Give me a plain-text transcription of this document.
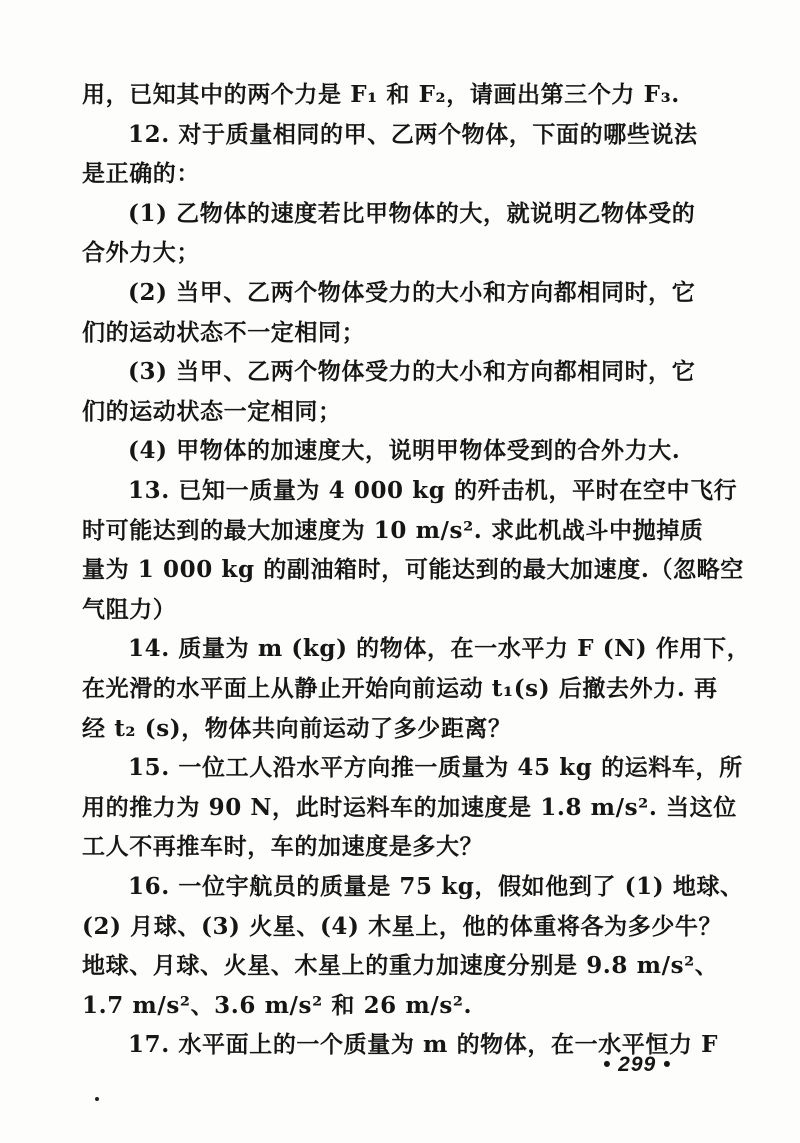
用，已知其中的两个力是 F₁ 和 F₂，请画出第三个力 F₃.
12. 对于质量相同的甲、乙两个物体，下面的哪些说法
是正确的：
(1) 乙物体的速度若比甲物体的大，就说明乙物体受的
合外力大；
(2) 当甲、乙两个物体受力的大小和方向都相同时，它
们的运动状态不一定相同；
(3) 当甲、乙两个物体受力的大小和方向都相同时，它
们的运动状态一定相同；
(4) 甲物体的加速度大，说明甲物体受到的合外力大.
13. 已知一质量为 4 000 kg 的歼击机，平时在空中飞行
时可能达到的最大加速度为 10 m/s². 求此机战斗中抛掉质
量为 1 000 kg 的副油箱时，可能达到的最大加速度.（忽略空
气阻力）
14. 质量为 m (kg) 的物体，在一水平力 F (N) 作用下，
在光滑的水平面上从静止开始向前运动 t₁(s) 后撤去外力. 再
经 t₂ (s)，物体共向前运动了多少距离？
15. 一位工人沿水平方向推一质量为 45 kg 的运料车，所
用的推力为 90 N，此时运料车的加速度是 1.8 m/s². 当这位
工人不再推车时，车的加速度是多大？
16. 一位宇航员的质量是 75 kg，假如他到了 (1) 地球、
(2) 月球、(3) 火星、(4) 木星上，他的体重将各为多少牛？
地球、月球、火星、木星上的重力加速度分别是 9.8 m/s²、
1.7 m/s²、3.6 m/s² 和 26 m/s².
17. 水平面上的一个质量为 m 的物体，在一水平恒力 F
• 299 •
